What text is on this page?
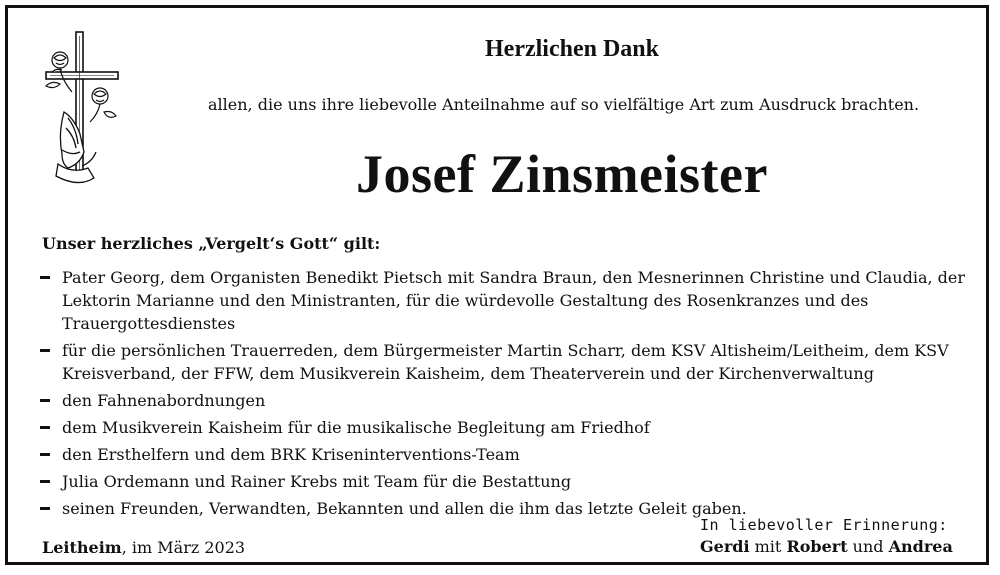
Herzlichen Dank
allen, die uns ihre liebevolle Anteilnahme auf so vielfältige Art zum Ausdruck brachten.
Josef Zinsmeister
Unser herzliches „Vergelt‘s Gott“ gilt:
Pater Georg, dem Organisten Benedikt Pietsch mit Sandra Braun, den Mesnerinnen Christine und Claudia, der Lektorin Marianne und den Ministranten, für die würdevolle Gestaltung des Rosenkranzes und des Trauergottesdienstes
für die persönlichen Trauerreden, dem Bürgermeister Martin Scharr, dem KSV Altisheim/Leitheim, dem KSV Kreisverband, der FFW, dem Musikverein Kaisheim, dem Theaterverein und der Kirchenverwaltung
den Fahnenabordnungen
dem Musikverein Kaisheim für die musikalische Begleitung am Friedhof
den Ersthelfern und dem BRK Kriseninterventions-Team
Julia Ordemann und Rainer Krebs mit Team für die Bestattung
seinen Freunden, Verwandten, Bekannten und allen die ihm das letzte Geleit gaben.
Leitheim, im März 2023
In liebevoller Erinnerung:
Gerdi mit Robert und Andrea
